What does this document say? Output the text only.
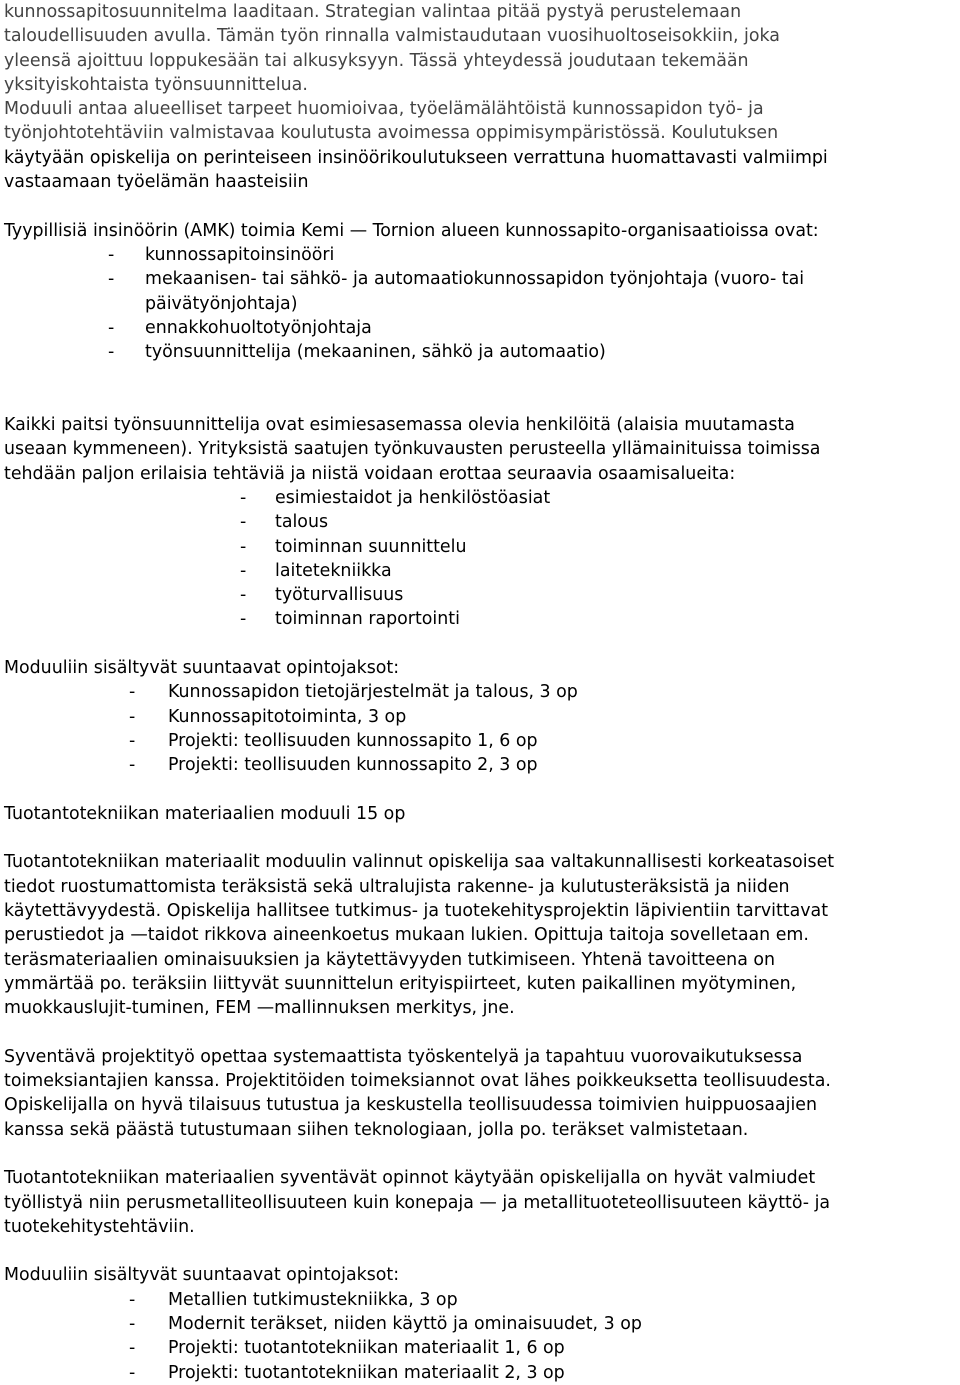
kunnossapitosuunnitelma laaditaan. Strategian valintaa pitää pystyä perustelemaan
taloudellisuuden avulla. Tämän työn rinnalla valmistaudutaan vuosihuoltoseisokkiin, joka
yleensä ajoittuu loppukesään tai alkusyksyyn. Tässä yhteydessä joudutaan tekemään
yksityiskohtaista työnsuunnittelua.
Moduuli antaa alueelliset tarpeet huomioivaa, työelämälähtöistä kunnossapidon työ- ja
työnjohtotehtäviin valmistavaa koulutusta avoimessa oppimisympäristössä. Koulutuksen
käytyään opiskelija on perinteiseen insinöörikoulutukseen verrattuna huomattavasti valmiimpi
vastaamaan työelämän haasteisiin
Tyypillisiä insinöörin (AMK) toimia Kemi — Tornion alueen kunnossapito-organisaatioissa ovat:
- kunnossapitoinsinööri
- mekaanisen- tai sähkö- ja automaatiokunnossapidon työnjohtaja (vuoro- tai päivätyönjohtaja)
- ennakkohuoltotyönjohtaja
- työnsuunnittelija (mekaaninen, sähkö ja automaatio)
Kaikki paitsi työnsuunnittelija ovat esimiesasemassa olevia henkilöitä (alaisia muutamasta
useaan kymmeneen). Yrityksistä saatujen työnkuvausten perusteella yllämainituissa toimissa
tehdään paljon erilaisia tehtäviä ja niistä voidaan erottaa seuraavia osaamisalueita:
- esimiestaidot ja henkilöstöasiat
- talous
- toiminnan suunnittelu
- laitetekniikka
- työturvallisuus
- toiminnan raportointi
Moduuliin sisältyvät suuntaavat opintojaksot:
- Kunnossapidon tietojärjestelmät ja talous, 3 op
- Kunnossapitotoiminta, 3 op
- Projekti: teollisuuden kunnossapito 1, 6 op
- Projekti: teollisuuden kunnossapito 2, 3 op
Tuotantotekniikan materiaalien moduuli 15 op
Tuotantotekniikan materiaalit moduulin valinnut opiskelija saa valtakunnallisesti korkeatasoiset
tiedot ruostumattomista teräksistä sekä ultralujista rakenne- ja kulutusteräksistä ja niiden
käytettävyydestä. Opiskelija hallitsee tutkimus- ja tuotekehitysprojektin läpivientiin tarvittavat
perustiedot ja —taidot rikkova aineenkoetus mukaan lukien. Opittuja taitoja sovelletaan em.
teräsmateriaalien ominaisuuksien ja käytettävyyden tutkimiseen. Yhtenä tavoitteena on
ymmärtää po. teräksiin liittyvät suunnittelun erityispiirteet, kuten paikallinen myötyminen,
muokkauslujit-tuminen, FEM —mallinnuksen merkitys, jne.
Syventävä projektityö opettaa systemaattista työskentelyä ja tapahtuu vuorovaikutuksessa
toimeksiantajien kanssa. Projektitöiden toimeksiannot ovat lähes poikkeuksetta teollisuudesta.
Opiskelijalla on hyvä tilaisuus tutustua ja keskustella teollisuudessa toimivien huippuosaajien
kanssa sekä päästä tutustumaan siihen teknologiaan, jolla po. teräkset valmistetaan.
Tuotantotekniikan materiaalien syventävät opinnot käytyään opiskelijalla on hyvät valmiudet
työllistyä niin perusmetalliteollisuuteen kuin konepaja — ja metallituoteteollisuuteen käyttö- ja
tuotekehitystehtäviin.
Moduuliin sisältyvät suuntaavat opintojaksot:
- Metallien tutkimustekniikka, 3 op
- Modernit teräkset, niiden käyttö ja ominaisuudet, 3 op
- Projekti: tuotantotekniikan materiaalit 1, 6 op
- Projekti: tuotantotekniikan materiaalit 2, 3 op
